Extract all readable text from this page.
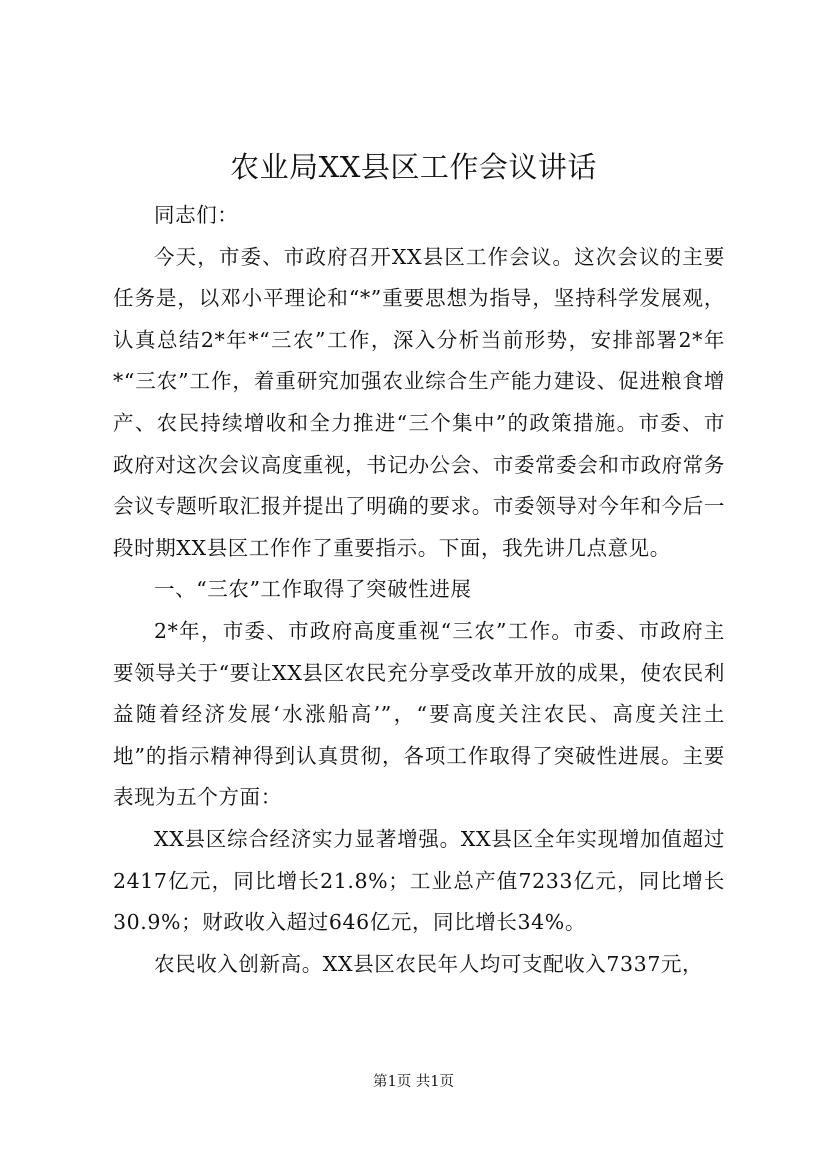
农业局XX县区工作会议讲话

同志们：

今天，市委、市政府召开XX县区工作会议。这次会议的主要任务是，以邓小平理论和“*”重要思想为指导，坚持科学发展观，认真总结2*年*“三农”工作，深入分析当前形势，安排部署2*年*“三农”工作，着重研究加强农业综合生产能力建设、促进粮食增产、农民持续增收和全力推进“三个集中”的政策措施。市委、市政府对这次会议高度重视，书记办公会、市委常委会和市政府常务会议专题听取汇报并提出了明确的要求。市委领导对今年和今后一段时期XX县区工作作了重要指示。下面，我先讲几点意见。

一、“三农”工作取得了突破性进展

2*年，市委、市政府高度重视“三农”工作。市委、市政府主要领导关于“要让XX县区农民充分享受改革开放的成果，使农民利益随着经济发展‘水涨船高’”，“要高度关注农民、高度关注土地”的指示精神得到认真贯彻，各项工作取得了突破性进展。主要表现为五个方面：

XX县区综合经济实力显著增强。XX县区全年实现增加值超过2417亿元，同比增长21.8%；工业总产值7233亿元，同比增长30.9%；财政收入超过646亿元，同比增长34%。

农民收入创新高。XX县区农民年人均可支配收入7337元，

第1页 共1页
